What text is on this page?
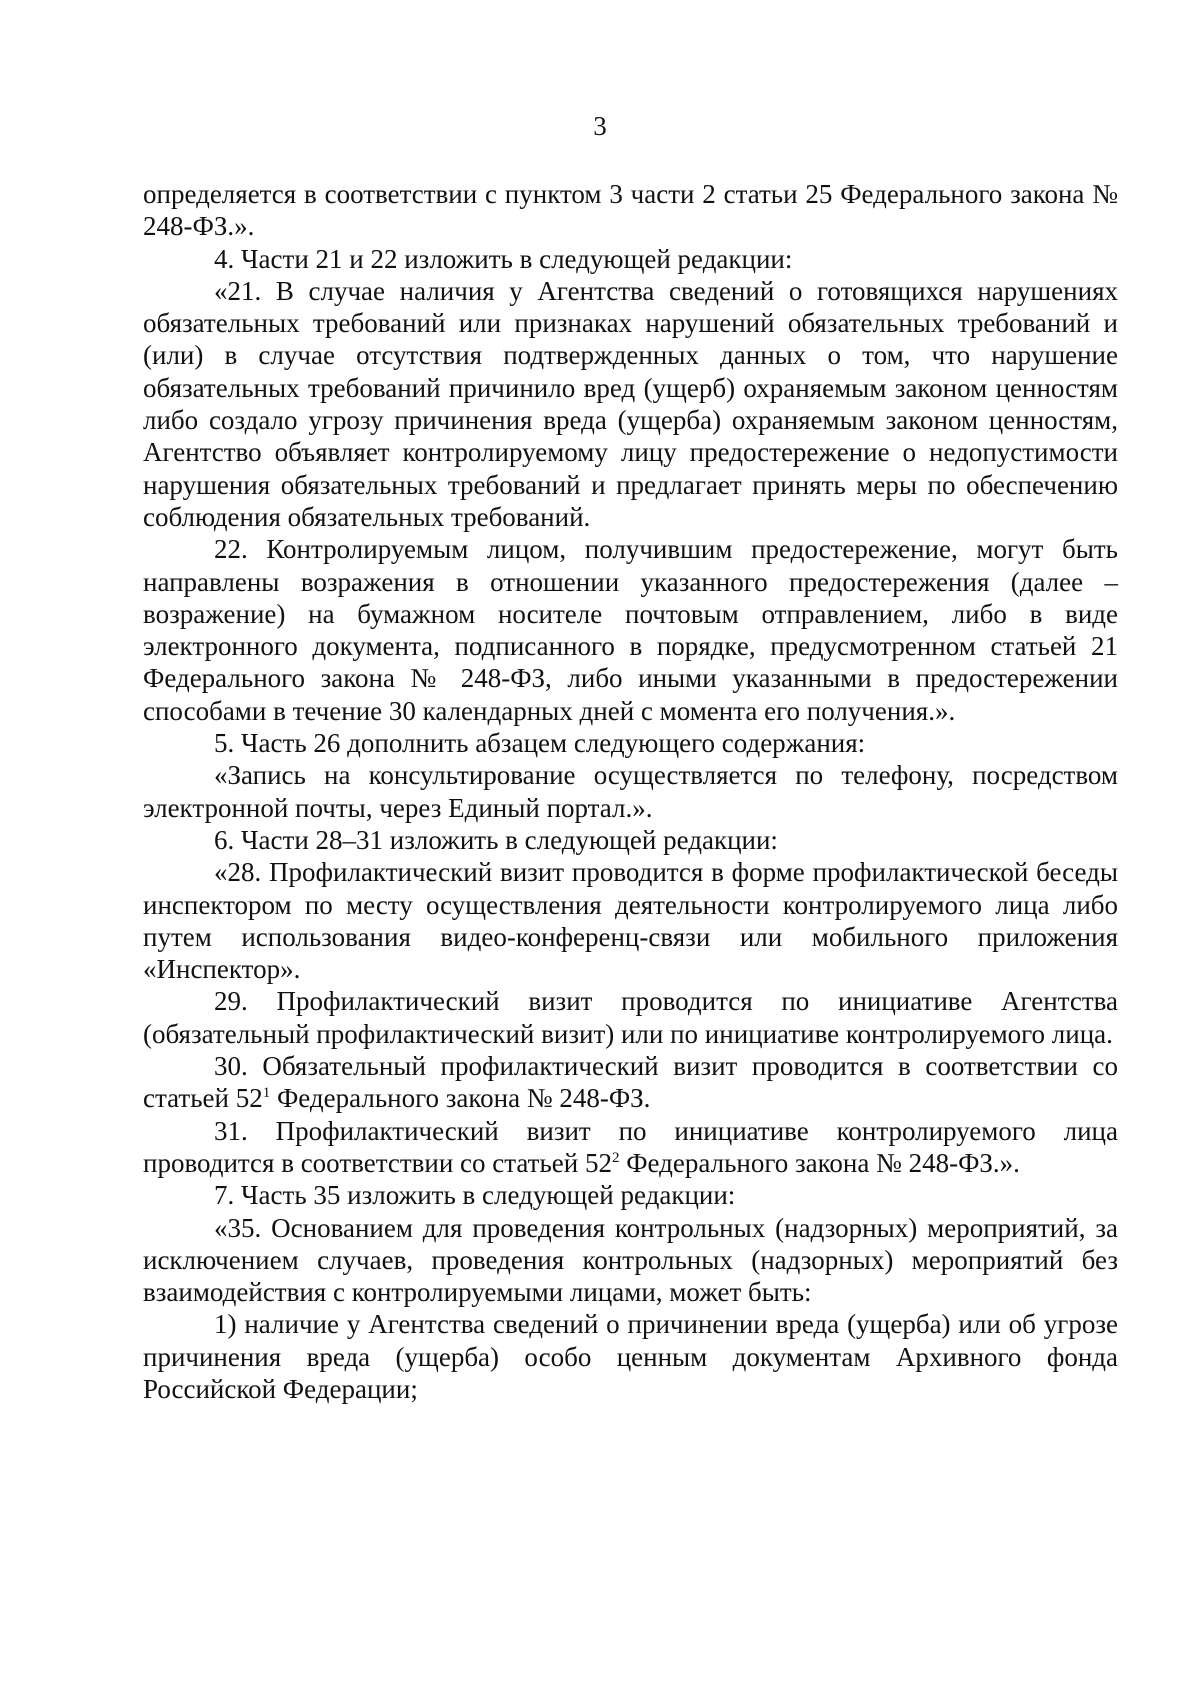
3

определяется в соответствии с пунктом 3 части 2 статьи 25 Федерального закона № 248-ФЗ.».

4. Части 21 и 22 изложить в следующей редакции:

«21. В случае наличия у Агентства сведений о готовящихся нарушениях обязательных требований или признаках нарушений обязательных требований и (или) в случае отсутствия подтвержденных данных о том, что нарушение обязательных требований причинило вред (ущерб) охраняемым законом ценностям либо создало угрозу причинения вреда (ущерба) охраняемым законом ценностям, Агентство объявляет контролируемому лицу предостережение о недопустимости нарушения обязательных требований и предлагает принять меры по обеспечению соблюдения обязательных требований.

22. Контролируемым лицом, получившим предостережение, могут быть направлены возражения в отношении указанного предостережения (далее – возражение) на бумажном носителе почтовым отправлением, либо в виде электронного документа, подписанного в порядке, предусмотренном статьей 21 Федерального закона № 248-ФЗ, либо иными указанными в предостережении способами в течение 30 календарных дней с момента его получения.».

5. Часть 26 дополнить абзацем следующего содержания:

«Запись на консультирование осуществляется по телефону, посредством электронной почты, через Единый портал.».

6. Части 28–31 изложить в следующей редакции:

«28. Профилактический визит проводится в форме профилактической беседы инспектором по месту осуществления деятельности контролируемого лица либо путем использования видео-конференц-связи или мобильного приложения «Инспектор».

29. Профилактический визит проводится по инициативе Агентства (обязательный профилактический визит) или по инициативе контролируемого лица.

30. Обязательный профилактический визит проводится в соответствии со статьей $52^1$ Федерального закона № 248-ФЗ.

31. Профилактический визит по инициативе контролируемого лица проводится в соответствии со статьей $52^2$ Федерального закона № 248-ФЗ.».

7. Часть 35 изложить в следующей редакции:

«35. Основанием для проведения контрольных (надзорных) мероприятий, за исключением случаев, проведения контрольных (надзорных) мероприятий без взаимодействия с контролируемыми лицами, может быть:

1) наличие у Агентства сведений о причинении вреда (ущерба) или об угрозе причинения вреда (ущерба) особо ценным документам Архивного фонда Российской Федерации;
